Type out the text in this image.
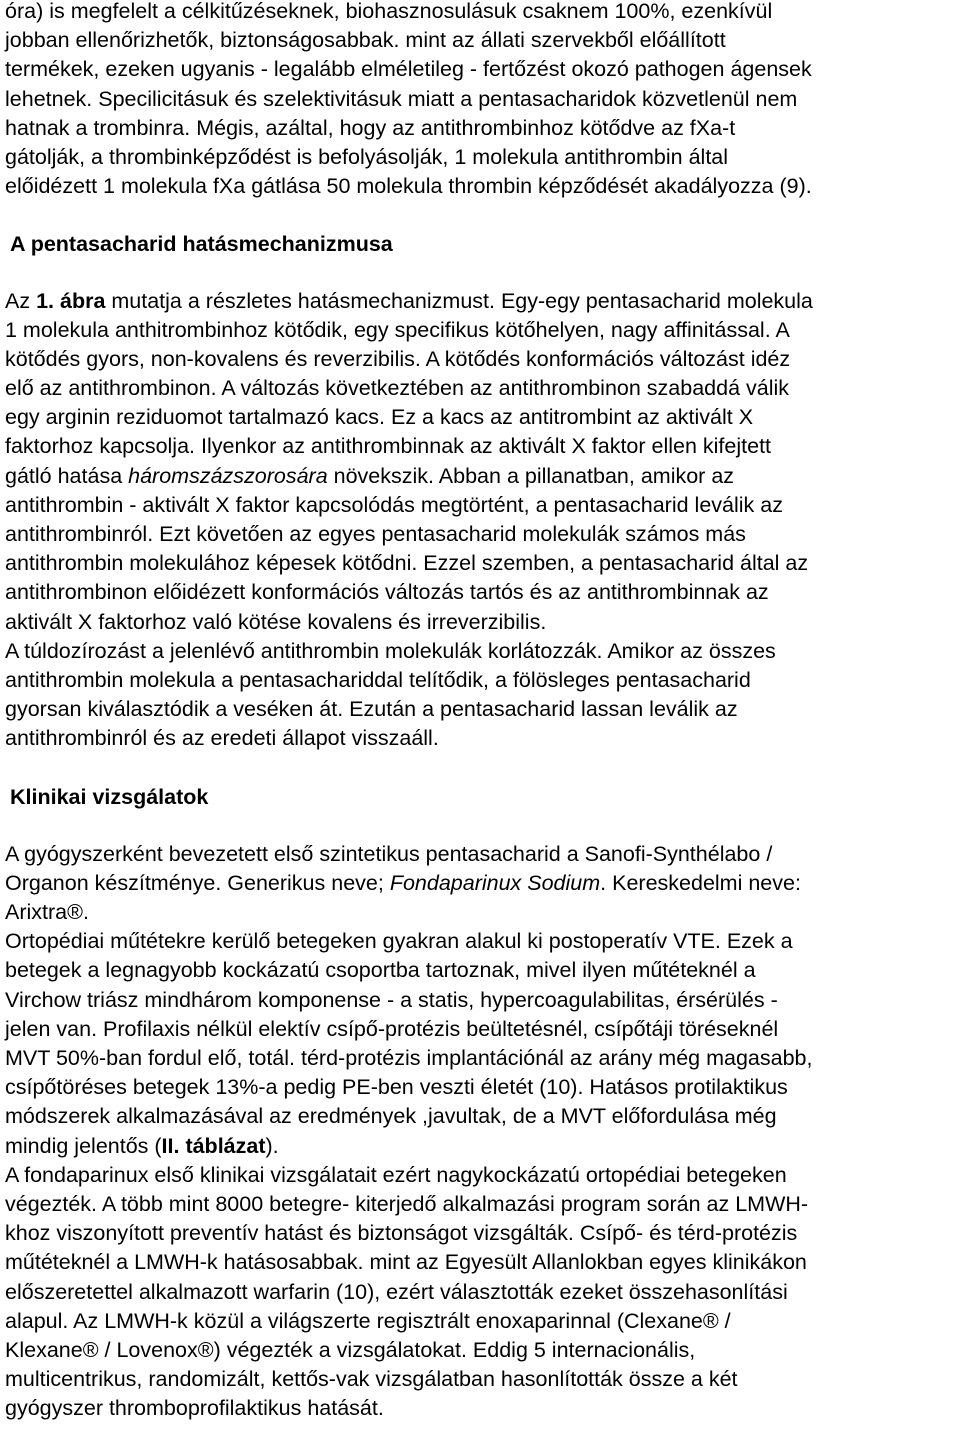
óra) is megfelelt a célkitűzéseknek, biohasznosulásuk csaknem 100%, ezenkívül
jobban ellenőrizhetők, biztonságosabbak. mint az állati szervekből előállított
termékek, ezeken ugyanis - legalább elméletileg - fertőzést okozó pathogen ágensek
lehetnek. Specilicitásuk és szelektivitásuk miatt a pentasacharidok közvetlenül nem
hatnak a trombinra. Mégis, azáltal, hogy az antithrombinhoz kötődve az fXa-t
gátolják, a thrombinképződést is befolyásolják, 1 molekula antithrombin által
előidézett 1 molekula fXa gátlása 50 molekula thrombin képződését akadályozza (9).
A pentasacharid hatásmechanizmusa
Az 1. ábra mutatja a részletes hatásmechanizmust. Egy-egy pentasacharid molekula
1 molekula anthitrombinhoz kötődik, egy specifikus kötőhelyen, nagy affinitással. A
kötődés gyors, non-kovalens és reverzibilis. A kötődés konformációs változást idéz
elő az antithrombinon. A változás következtében az antithrombinon szabaddá válik
egy arginin reziduomot tartalmazó kacs. Ez a kacs az antitrombint az aktivált X
faktorhoz kapcsolja. Ilyenkor az antithrombinnak az aktivált X faktor ellen kifejtett
gátló hatása háromszázszorosára növekszik. Abban a pillanatban, amikor az
antithrombin - aktivált X faktor kapcsolódás megtörtént, a pentasacharid leválik az
antithrombinról. Ezt követően az egyes pentasacharid molekulák számos más
antithrombin molekulához képesek kötődni. Ezzel szemben, a pentasacharid által az
antithrombinon előidézett konformációs változás tartós és az antithrombinnak az
aktivált X faktorhoz való kötése kovalens és irreverzibilis.
A túldozírozást a jelenlévő antithrombin molekulák korlátozzák. Amikor az összes
antithrombin molekula a pentasachariddal telítődik, a fölösleges pentasacharid
gyorsan kiválasztódik a veséken át. Ezután a pentasacharid lassan leválik az
antithrombinról és az eredeti állapot visszaáll.
Klinikai vizsgálatok
A gyógyszerként bevezetett első szintetikus pentasacharid a Sanofi-Synthélabo /
Organon készítménye. Generikus neve; Fondaparinux Sodium. Kereskedelmi neve:
Arixtra®.
Ortopédiai műtétekre kerülő betegeken gyakran alakul ki postoperatív VTE. Ezek a
betegek a legnagyobb kockázatú csoportba tartoznak, mivel ilyen műtéteknél a
Virchow triász mindhárom komponense - a statis, hypercoagulabilitas, érsérülés -
jelen van. Profilaxis nélkül elektív csípő-protézis beültetésnél, csípőtáji töréseknél
MVT 50%-ban fordul elő, totál. térd-protézis implantációnál az arány még magasabb,
csípőtöréses betegek 13%-a pedig PE-ben veszti életét (10). Hatásos protilaktikus
módszerek alkalmazásával az eredmények ,javultak, de a MVT előfordulása még
mindig jelentős (II. táblázat).
A fondaparinux első klinikai vizsgálatait ezért nagykockázatú ortopédiai betegeken
végezték. A több mint 8000 betegre- kiterjedő alkalmazási program során az LMWH-
khoz viszonyított preventív hatást és biztonságot vizsgálták. Csípő- és térd-protézis
műtéteknél a LMWH-k hatásosabbak. mint az Egyesült Allanlokban egyes klinikákon
előszeretettel alkalmazott warfarin (10), ezért választották ezeket összehasonlítási
alapul. Az LMWH-k közül a világszerte regisztrált enoxaparinnal (Clexane® /
Klexane® / Lovenox®) végezték a vizsgálatokat. Eddig 5 internacionális,
multicentrikus, randomizált, kettős-vak vizsgálatban hasonlították össze a két
gyógyszer thromboprofilaktikus hatását.
